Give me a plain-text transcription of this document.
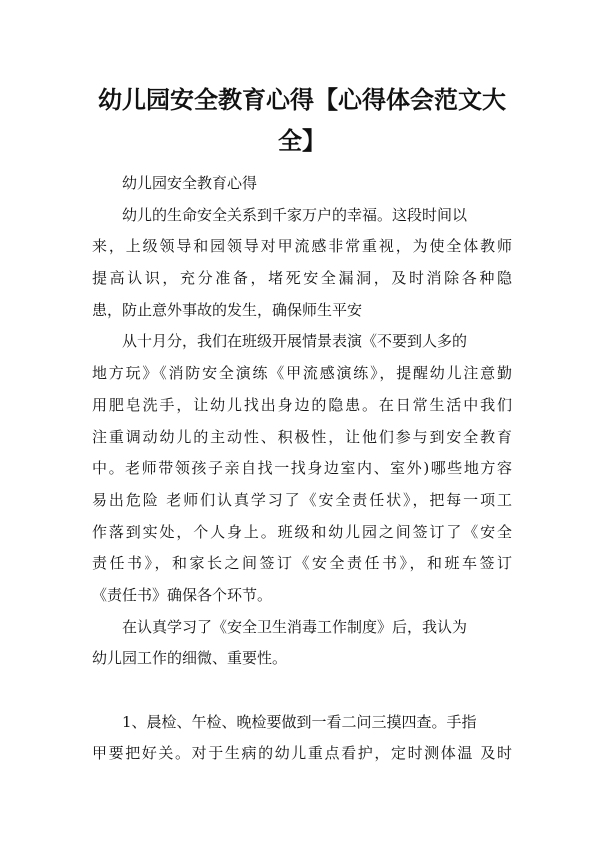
幼儿园安全教育心得【心得体会范文大
全】
幼儿园安全教育心得
幼儿的生命安全关系到千家万户的幸福。这段时间以
来，上级领导和园领导对甲流感非常重视，为使全体教师
提高认识，充分准备，堵死安全漏洞，及时消除各种隐
患，防止意外事故的发生，确保师生平安
从十月分，我们在班级开展情景表演《不要到人多的
地方玩》《消防安全演练《甲流感演练》，提醒幼儿注意勤
用肥皂洗手，让幼儿找出身边的隐患。在日常生活中我们
注重调动幼儿的主动性、积极性，让他们参与到安全教育
中。老师带领孩子亲自找一找身边室内、室外)哪些地方容
易出危险 老师们认真学习了《安全责任状》，把每一项工
作落到实处，个人身上。班级和幼儿园之间签订了《安全
责任书》，和家长之间签订《安全责任书》，和班车签订
《责任书》确保各个环节。
在认真学习了《安全卫生消毒工作制度》后，我认为
幼儿园工作的细微、重要性。
1、晨检、午检、晚检要做到一看二问三摸四查。手指
甲要把好关。对于生病的幼儿重点看护，定时测体温 及时
